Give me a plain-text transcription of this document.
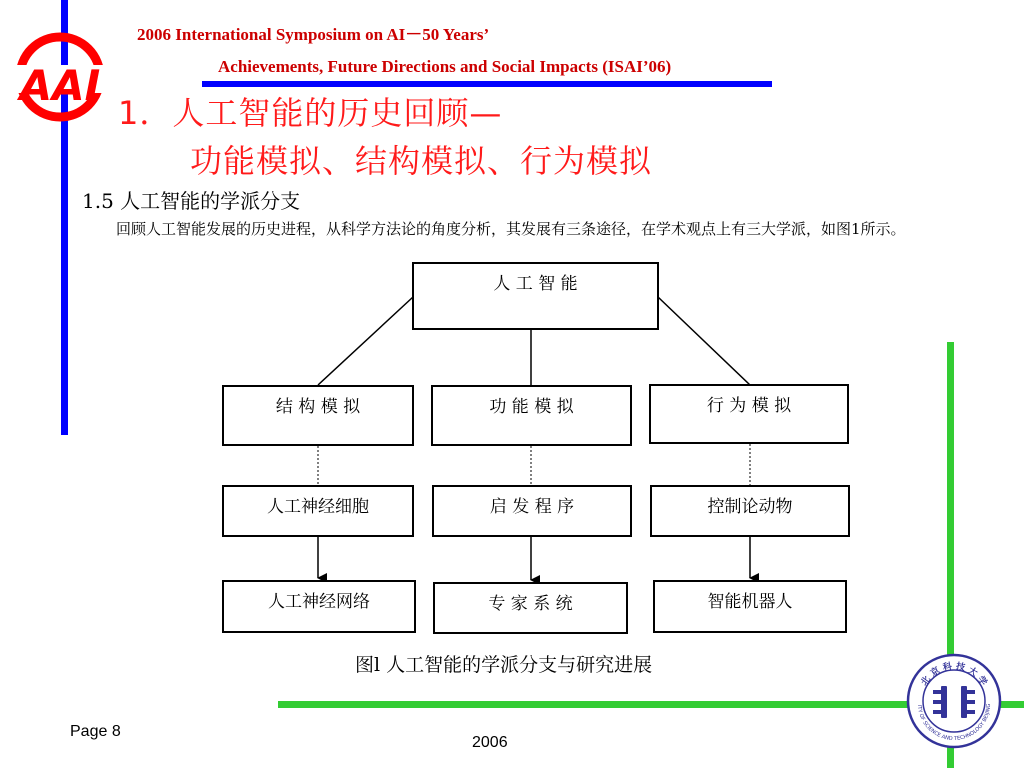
AAI
2006 International Symposium on AI－50 Years’
Achievements, Future Directions and Social Impacts (ISAI’06)
1．人工智能的历史回顾—
功能模拟、结构模拟、行为模拟
1.5 人工智能的学派分支
回顾人工智能发展的历史进程，从科学方法论的角度分析，其发展有三条途径，在学术观点上有三大学派，如图1所示。
人 工 智 能
结 构 模 拟	功 能 模 拟	行 为 模 拟
人工神经细胞	启 发 程 序	控制论动物
人工神经网络	专 家 系 统	智能机器人
图l 人工智能的学派分支与研究进展
北 京 科 技 大 学
ITY OF SCIENCE AND TECHNOLOGY BEIJING
Page 8
2006
